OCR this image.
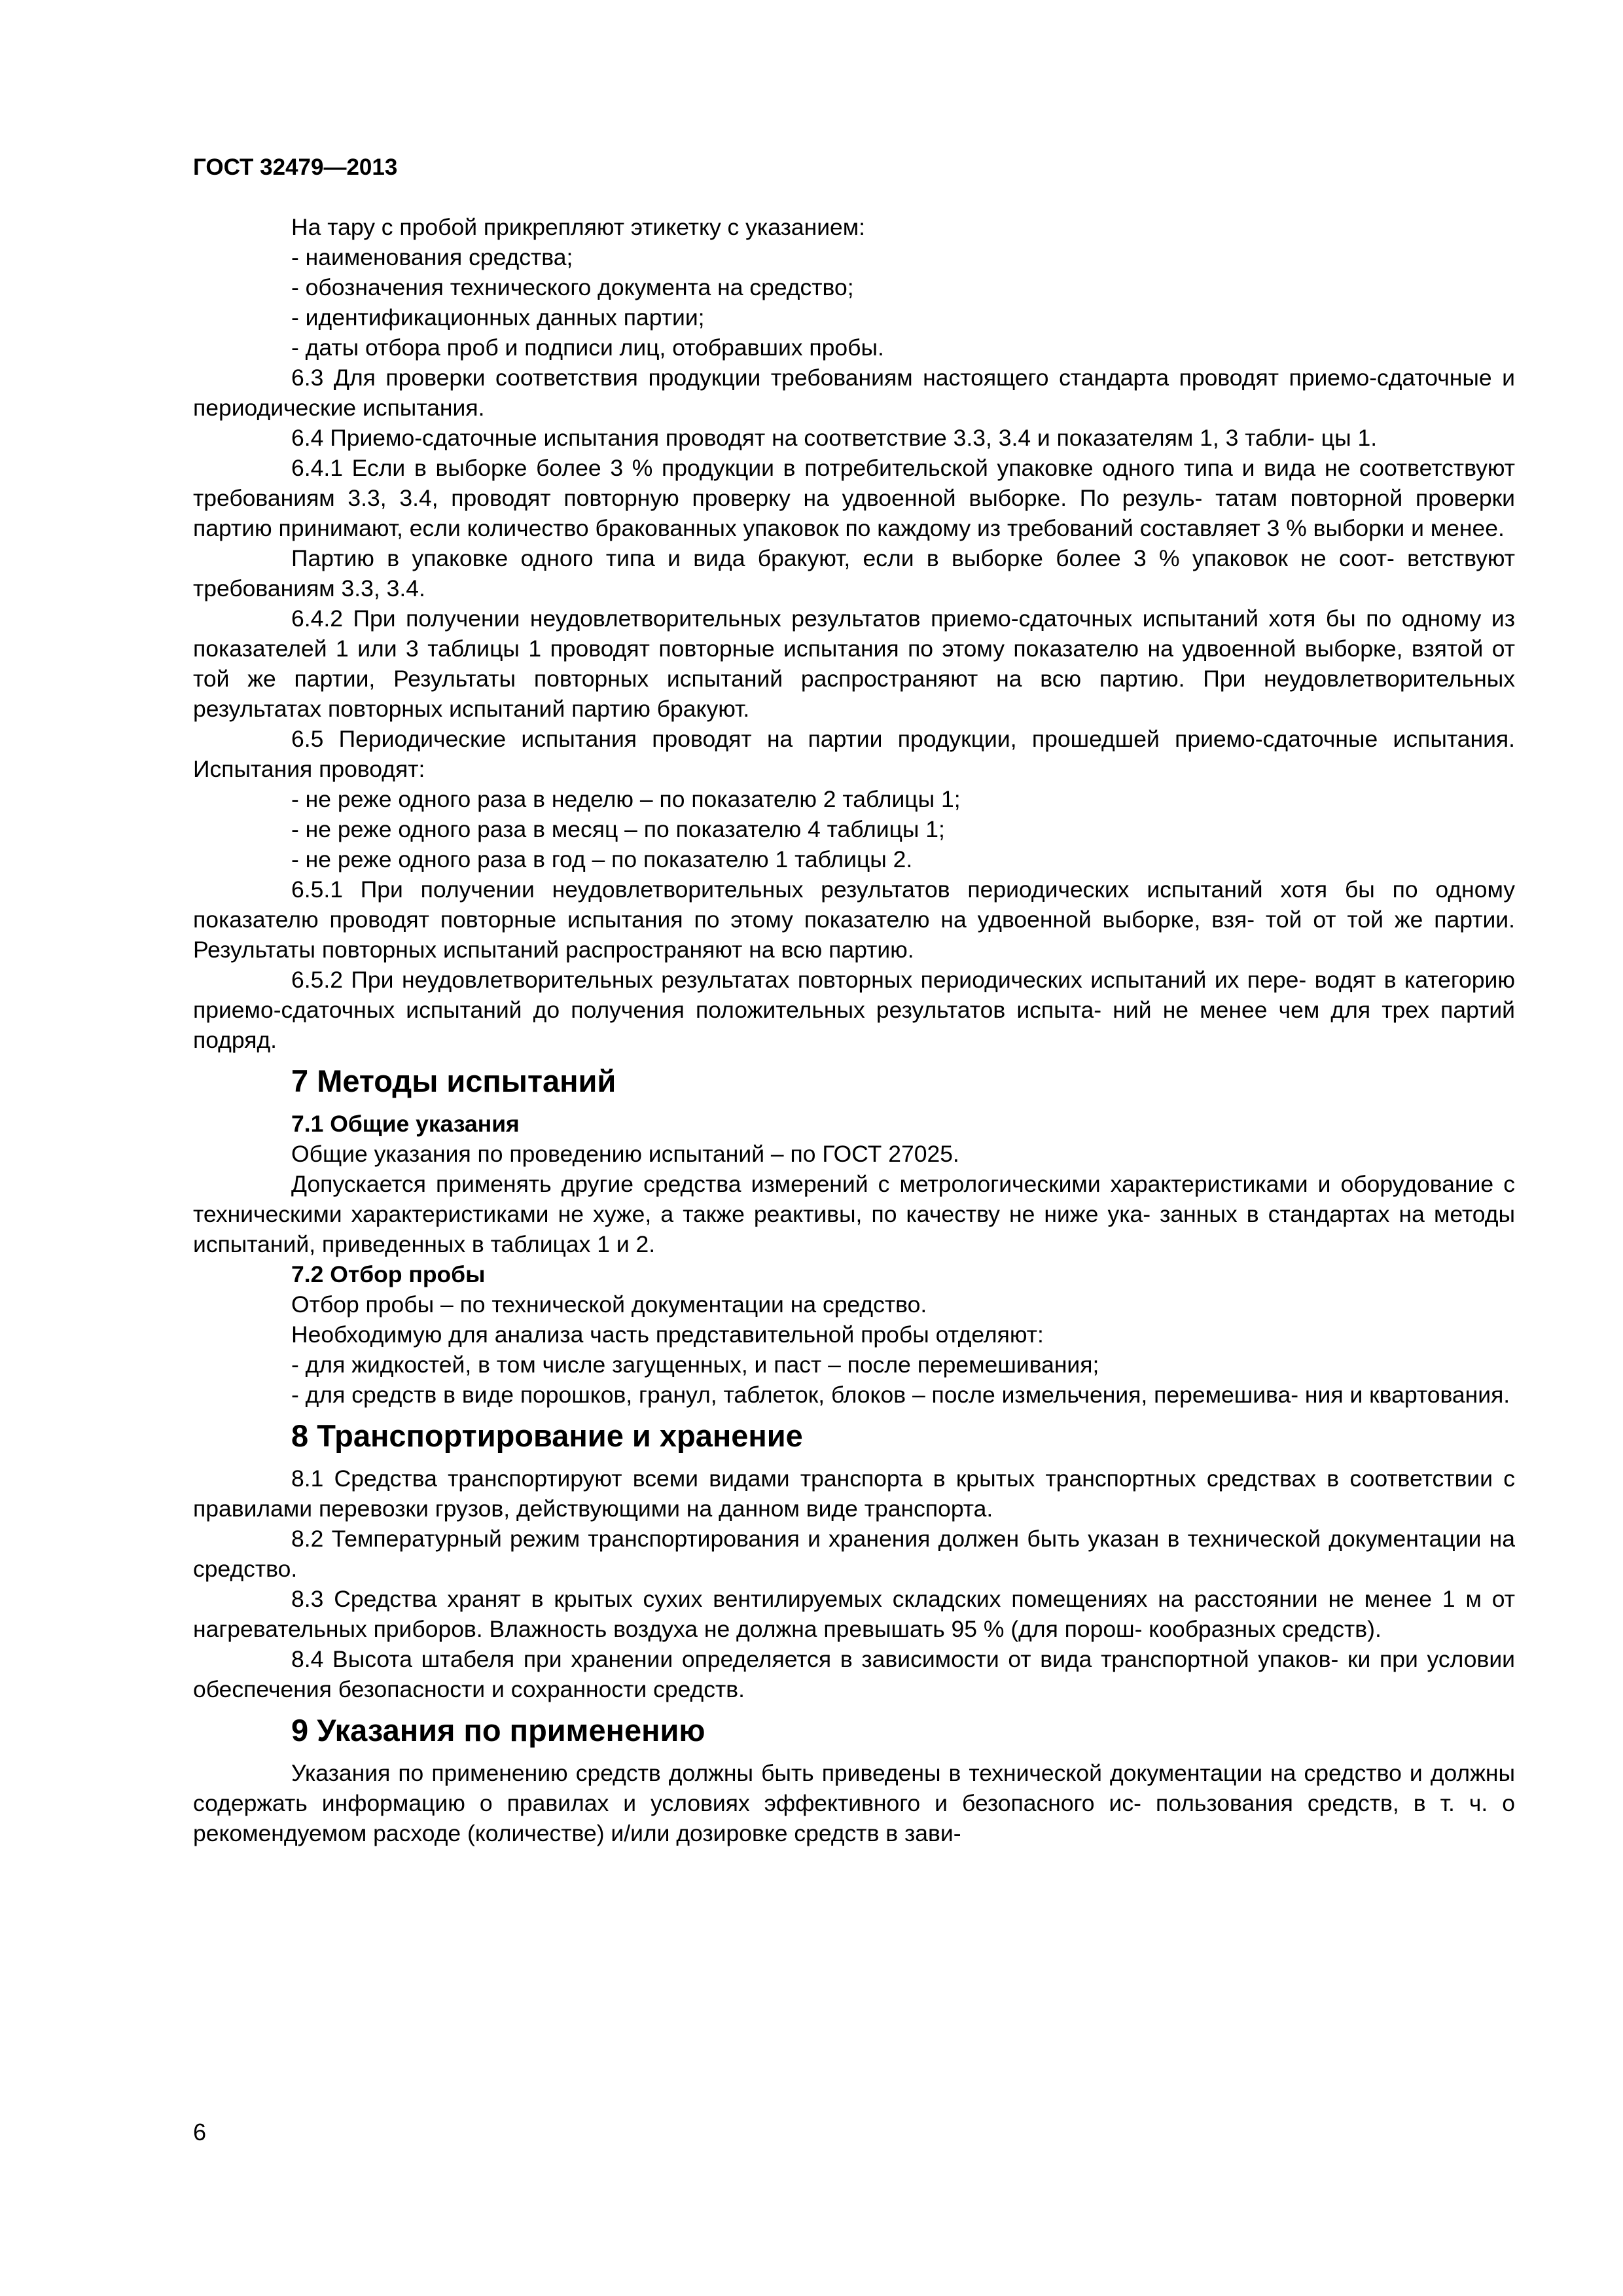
ГОСТ 32479—2013

На тару с пробой прикрепляют этикетку с указанием:

- наименования средства;

- обозначения технического документа на средство;

- идентификационных данных партии;

- даты отбора проб и подписи лиц, отобравших пробы.

6.3 Для проверки соответствия продукции требованиям настоящего стандарта проводят приемо-сдаточные и периодические испытания.

6.4 Приемо-сдаточные испытания проводят на соответствие 3.3, 3.4 и показателям 1, 3 табли- цы 1.

6.4.1 Если в выборке более 3 % продукции в потребительской упаковке одного типа и вида не соответствуют требованиям 3.3, 3.4, проводят повторную проверку на удвоенной выборке. По резуль- татам повторной проверки партию принимают, если количество бракованных упаковок по каждому из требований составляет 3 % выборки и менее.

Партию в упаковке одного типа и вида бракуют, если в выборке более 3 % упаковок не соот- ветствуют требованиям 3.3, 3.4.

6.4.2 При получении неудовлетворительных результатов приемо-сдаточных испытаний хотя бы по одному из показателей 1 или 3 таблицы 1 проводят повторные испытания по этому показателю на удвоенной выборке, взятой от той же партии, Результаты повторных испытаний распространяют на всю партию. При неудовлетворительных результатах повторных испытаний партию бракуют.

6.5 Периодические испытания проводят на партии продукции, прошедшей приемо-сдаточные испытания. Испытания проводят:

- не реже одного раза в неделю – по показателю 2 таблицы 1;

- не реже одного раза в месяц – по показателю 4 таблицы 1;

- не реже одного раза в год – по показателю 1 таблицы 2.

6.5.1 При получении неудовлетворительных результатов периодических испытаний хотя бы по одному показателю проводят повторные испытания по этому показателю на удвоенной выборке, взя- той от той же партии. Результаты повторных испытаний распространяют на всю партию.

6.5.2 При неудовлетворительных результатах повторных периодических испытаний их пере- водят в категорию приемо-сдаточных испытаний до получения положительных результатов испыта- ний не менее чем для трех партий подряд.

7 Методы испытаний
7.1 Общие указания

Общие указания по проведению испытаний – по ГОСТ 27025.

Допускается применять другие средства измерений с метрологическими характеристиками и оборудование с техническими характеристиками не хуже, а также реактивы, по качеству не ниже ука- занных в стандартах на методы испытаний, приведенных в таблицах 1 и 2.

7.2 Отбор пробы

Отбор пробы – по технической документации на средство.

Необходимую для анализа часть представительной пробы отделяют:

- для жидкостей, в том числе загущенных, и паст – после перемешивания;

- для средств в виде порошков, гранул, таблеток, блоков – после измельчения, перемешива- ния и квартования.

8 Транспортирование и хранение

8.1 Средства транспортируют всеми видами транспорта в крытых транспортных средствах в соответствии с правилами перевозки грузов, действующими на данном виде транспорта.

8.2 Температурный режим транспортирования и хранения должен быть указан в технической документации на средство.

8.3 Средства хранят в крытых сухих вентилируемых складских помещениях на расстоянии не менее 1 м от нагревательных приборов. Влажность воздуха не должна превышать 95 % (для порош- кообразных средств).

8.4 Высота штабеля при хранении определяется в зависимости от вида транспортной упаков- ки при условии обеспечения безопасности и сохранности средств.

9 Указания по применению

Указания по применению средств должны быть приведены в технической документации на средство и должны содержать информацию о правилах и условиях эффективного и безопасного ис- пользования средств, в т. ч. о рекомендуемом расходе (количестве) и/или дозировке средств в зави-

6
